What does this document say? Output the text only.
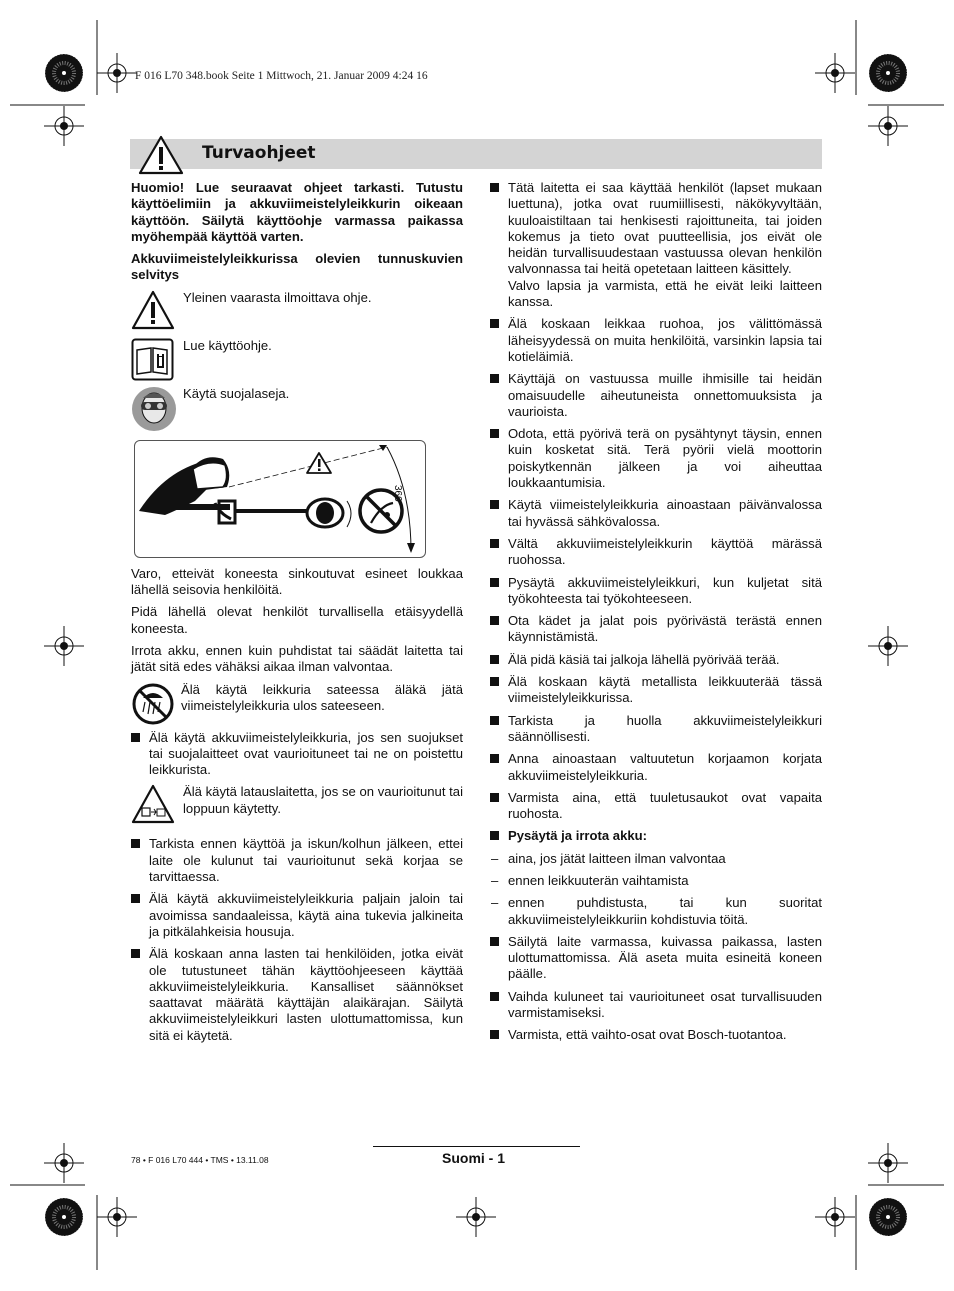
F 016 L70 348.book Seite 1 Mittwoch, 21. Januar 2009 4:24 16
Turvaohjeet

Huomio! Lue seuraavat ohjeet tarkasti. Tutustu käyttöelimiin ja akkuviimeistelyleikkurin oikeaan käyttöön. Säilytä käyttöohje varmassa paikassa myöhempää käyttöä varten.

Akkuviimeistelyleikkurissa olevien tunnuskuvien selvitys

Yleinen vaarasta ilmoittava ohje.
Lue käyttöohje.
Käytä suojalaseja.
360°

Varo, etteivät koneesta sinkoutuvat esineet loukkaa lähellä seisovia henkilöitä.

Pidä lähellä olevat henkilöt turvallisella etäisyydellä koneesta.

Irrota akku, ennen kuin puhdistat tai säädät laitetta tai jätät sitä edes vähäksi aikaa ilman valvontaa.

Älä käytä leikkuria sateessa äläkä jätä viimeistelyleikkuria ulos sateeseen.
Älä käytä akkuviimeistelyleikkuria, jos sen suojukset tai suojalaitteet ovat vaurioituneet tai ne on poistettu leikkurista.
Älä käytä latauslaitetta, jos se on vaurioitunut tai loppuun käytetty.
Tarkista ennen käyttöä ja iskun/kolhun jälkeen, ettei laite ole kulunut tai vaurioitunut sekä korjaa se tarvittaessa.
Älä käytä akkuviimeistelyleikkuria paljain jaloin tai avoimissa sandaaleissa, käytä aina tukevia jalkineita ja pitkälahkeisia housuja.
Älä koskaan anna lasten tai henkilöiden, jotka eivät ole tutustuneet tähän käyttöohjeeseen käyttää akkuviimeistelyleikkuria. Kansalliset säännökset saattavat määrätä käyttäjän alaikärajan. Säilytä akkuviimeistelyleikkuri lasten ulottumattomissa, kun sitä ei käytetä.
Tätä laitetta ei saa käyttää henkilöt (lapset mukaan luettuna), jotka ovat ruumiillisesti, näkökyvyltään, kuuloaistiltaan tai henkisesti rajoittuneita, tai joiden kokemus ja tieto ovat puutteellisia, jos eivät ole heidän turvallisuudestaan vastuussa olevan henkilön valvonnassa tai heitä opetetaan laitteen käsittely.
Valvo lapsia ja varmista, että he eivät leiki laitteen kanssa.
Älä koskaan leikkaa ruohoa, jos välittömässä läheisyydessä on muita henkilöitä, varsinkin lapsia tai kotieläimiä.
Käyttäjä on vastuussa muille ihmisille tai heidän omaisuudelle aiheutuneista onnettomuuksista ja vaurioista.
Odota, että pyörivä terä on pysähtynyt täysin, ennen kuin kosketat sitä. Terä pyörii vielä moottorin poiskytkennän jälkeen ja voi aiheuttaa loukkaantumisia.
Käytä viimeistelyleikkuria ainoastaan päivänvalossa tai hyvässä sähkövalossa.
Vältä akkuviimeistelyleikkurin käyttöä märässä ruohossa.
Pysäytä akkuviimeistelyleikkuri, kun kuljetat sitä työkohteesta tai työkohteeseen.
Ota kädet ja jalat pois pyörivästä terästä ennen käynnistämistä.
Älä pidä käsiä tai jalkoja lähellä pyörivää terää.
Älä koskaan käytä metallista leikkuuterää tässä viimeistelyleikkurissa.
Tarkista ja huolla akkuviimeistelyleikkuri säännöllisesti.
Anna ainoastaan valtuutetun korjaamon korjata akkuviimeistelyleikkuria.
Varmista aina, että tuuletusaukot ovat vapaita ruohosta.
Pysäytä ja irrota akku:
– aina, jos jätät laitteen ilman valvontaa
– ennen leikkuuterän vaihtamista
– ennen puhdistusta, tai kun suoritat akkuviimeistelyleikkuriin kohdistuvia töitä.
Säilytä laite varmassa, kuivassa paikassa, lasten ulottumattomissa. Älä aseta muita esineitä koneen päälle.
Vaihda kuluneet tai vaurioituneet osat turvallisuuden varmistamiseksi.
Varmista, että vaihto-osat ovat Bosch-tuotantoa.
78 • F 016 L70 444 • TMS • 13.11.08	Suomi - 1
